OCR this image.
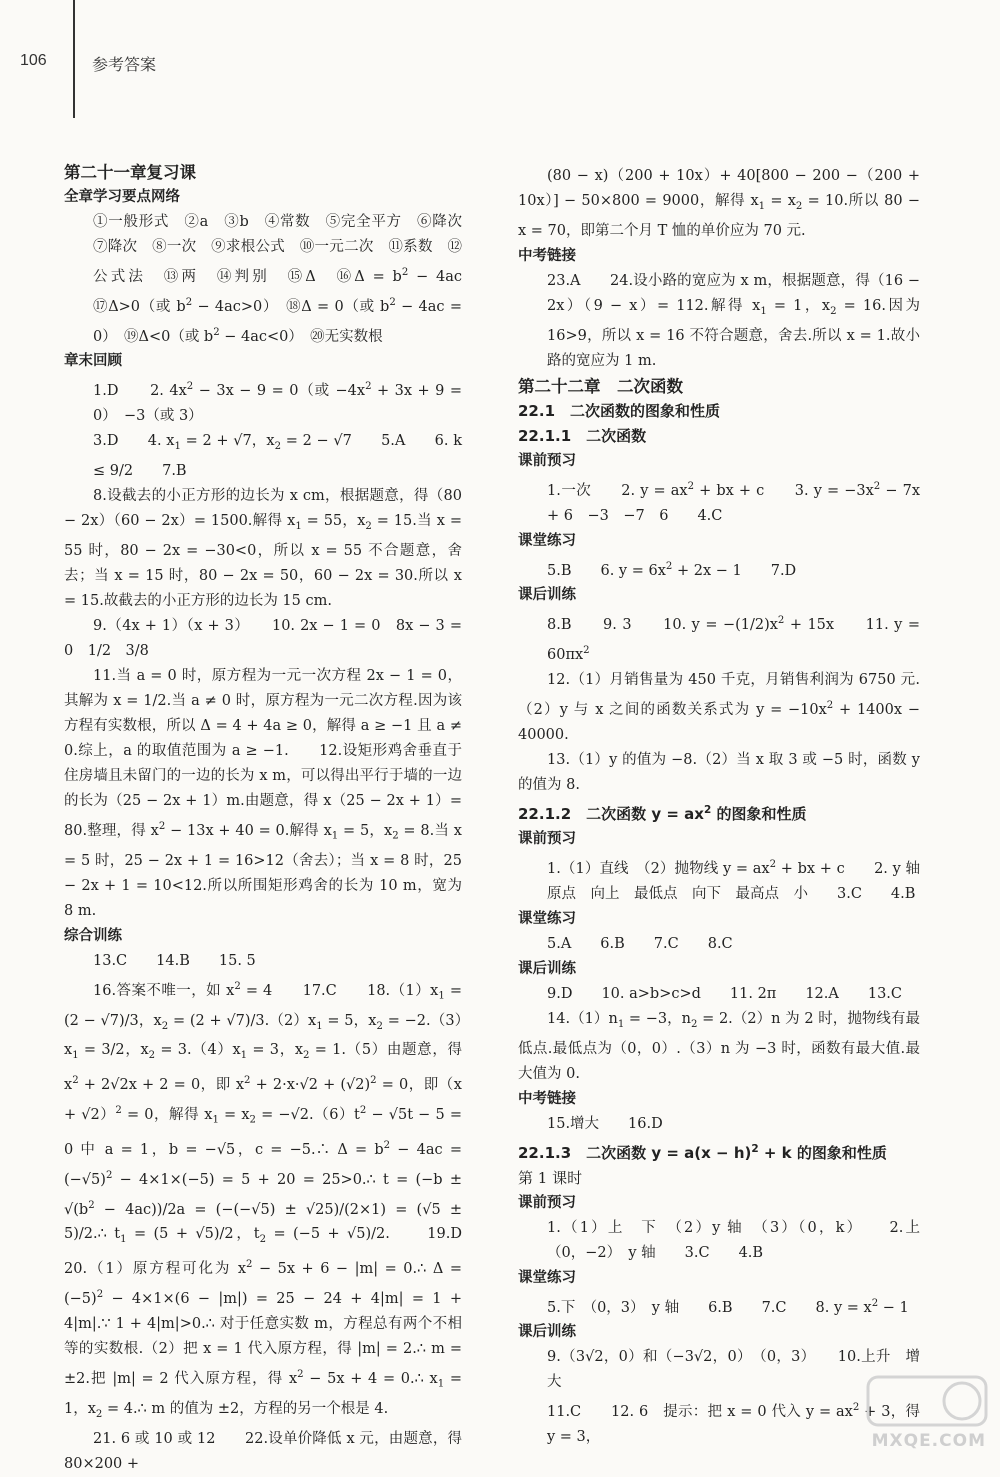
106	参考答案

第二十一章复习课

全章学习要点网络

①一般形式　②a　③b　④常数　⑤完全平方　⑥降次　⑦降次　⑧一次　⑨求根公式　⑩一元二次　⑪系数　⑫公式法　⑬两　⑭判别　⑮Δ　⑯Δ = $b^2 - 4ac$　⑰Δ>0（或 $b^2 - 4ac>0$）　⑱Δ = 0（或 $b^2 - 4ac = 0$）　⑲Δ<0（或 $b^2 - 4ac<0$）　⑳无实数根

章末回顾

1.D　　2. $4x^2 - 3x - 9 = 0$（或 $-4x^2 + 3x + 9 = 0$）　−3（或 3）

3.D　　4. $x_1 = 2 + √7$，$x_2 = 2 - √7$　　5.A　　6. k ≤ 9/2　　7.B

8.设截去的小正方形的边长为 x cm，根据题意，得（80 − 2x）（60 − 2x）= 1500.解得 $x_1 = 55$，$x_2 = 15$.当 x = 55 时，80 − 2x = −30<0，所以 x = 55 不合题意，舍去；当 x = 15 时，80 − 2x = 50，60 − 2x = 30.所以 x = 15.故截去的小正方形的边长为 15 cm.

9.（4x + 1）（x + 3）　　10. 2x − 1 = 0　8x − 3 = 0　1/2　3/8

11.当 a = 0 时，原方程为一元一次方程 2x − 1 = 0，其解为 x = 1/2.当 a ≠ 0 时，原方程为一元二次方程.因为该方程有实数根，所以 Δ = 4 + 4a ≥ 0，解得 a ≥ −1 且 a ≠ 0.综上，a 的取值范围为 a ≥ −1.　　12.设矩形鸡舍垂直于住房墙且未留门的一边的长为 x m，可以得出平行于墙的一边的长为（25 − 2x + 1）m.由题意，得 x（25 − 2x + 1）= 80.整理，得 $x^2 - 13x + 40 = 0$.解得 $x_1 = 5$，$x_2 = 8$.当 x = 5 时，25 − 2x + 1 = 16>12（舍去）；当 x = 8 时，25 − 2x + 1 = 10<12.所以所围矩形鸡舍的长为 10 m，宽为 8 m.

综合训练

13.C　　14.B　　15. 5

16.答案不唯一，如 $x^2 = 4$　　17.C　　$18.(1)x_1 = (2 - √7)/3$，$x_2 = (2 + √7)/3.(2)x_1 = 5$，$x_2 = -2.(3)x_1 = 3/2$，$x_2 = 3.(4)x_1 = 3$，$x_2 = 1.(5)$由题意，得 $x^2 + 2√2x + 2 = 0$，即 $x^2 + 2\cdot x\cdot√2 + (√2)^2 = 0$，即$(x + √2)^2 = 0$，解得 $x_1 = x_2 = -√2.(6)t^2 - √5t - 5 = 0$ 中 a = 1，b = −√5，c = −5.∴ $\Delta = b^2 - 4ac = (-√5)^2 - 4\times 1\times(-5) = 5 + 20$ = 25>0.∴ $t = (-b \pm √(b^2 - 4ac))/2a = (-(-√5) \pm √25)/(2\times 1) = (√5$ ± 5)/2.∴ $t_1 = (5 + √5)/2$，$t_2 = (-5 + √5)/2$.　　19.D　　20.（1）原方程可化为 $x^2 - 5x + 6 - |m|$ = 0.∴ $\Delta = (-5)^2 - 4\times 1\times(6 - |m|) = 25 - 24 + 4|m| = 1$ + 4|m|.∵ 1 + 4|m|>0.∴ 对于任意实数 m，方程总有两个不相等的实数根.（2）把 x = 1 代入原方程，得 |m| = 2.∴ m = ±2.把 |m| = 2 代入原方程，得 $x^2 - 5x + 4$ = 0.∴ $x_1 = 1$，$x_2$ = 4.∴ m 的值为 ±2，方程的另一个根是 4.

21. 6 或 10 或 12　　22.设单价降低 x 元，由题意，得 80×200 +

(80 − x)（200 + 10x）+ 40[800 − 200 −（200 + 10x）] − 50×800 = 9000，解得 $x_1 = x_2 = 10$.所以 80 − x = 70，即第二个月 T 恤的单价应为 70 元.

中考链接

23.A　　24.设小路的宽应为 x m，根据题意，得（16 − 2x）（9 − x）= 112.解得 $x_1 = 1$，$x_2 = 16$.因为 16>9，所以 x = 16 不符合题意，舍去.所以 x = 1.故小路的宽应为 1 m.

第二十二章　二次函数

22.1　二次函数的图象和性质

22.1.1　二次函数

课前预习

1.一次　　2. $y = ax^2$ + bx + c　　3. $y = -3x^2 - 7x + 6$　−3　−7　6　　4.C

课堂练习

5.B　　6. $y = 6x^2 + 2x - 1$　　7.D

课后训练

8.B　　9. 3　　10. $y = -(1/2)x^2 + 15x$　　11. $y = 60\pi x^2$

12.（1）月销售量为 450 千克，月销售利润为 6750 元.（2）y 与 x 之间的函数关系式为 $y = -10x^2 + 1400x - 40000$.

13.（1）y 的值为 −8.（2）当 x 取 3 或 −5 时，函数 y 的值为 8.

22.1.2　二次函数 $y = ax^2$ 的图象和性质

课前预习

1.（1）直线　（2）抛物线 $y = ax^2$ + bx + c　　2. y 轴　原点　向上　最低点　向下　最高点　小　　3.C　　4.B

课堂练习

5.A　　6.B　　7.C　　8.C

课后训练

9.D　　10. a>b>c>d　　11. 2π　　12.A　　13.C

$14.(1)n_1 = -3$，$n_2 = 2.(2)n$ 为 2 时，抛物线有最低点.最低点为（0，0）.（3）n 为 −3 时，函数有最大值.最大值为 0.

中考链接

15.增大　　16.D

22.1.3　二次函数 $y = a(x - h)^2 + k$ 的图象和性质

第 1 课时

课前预习

1.（1）上　下　（2）y 轴　（3）（0，k）　　2.上　（0，−2）　y 轴　　3.C　　4.B

课堂练习

5.下　（0，3）　y 轴　　6.B　　7.C　　8. $y = x^2 - 1$

课后训练

9.（3√2，0）和（−3√2，0）　（0，3）　　10.上升　增大

11.C　　12. 6　提示：把 x = 0 代入 $y = ax^2 + 3$，得 y = 3，	MXQE.COM
